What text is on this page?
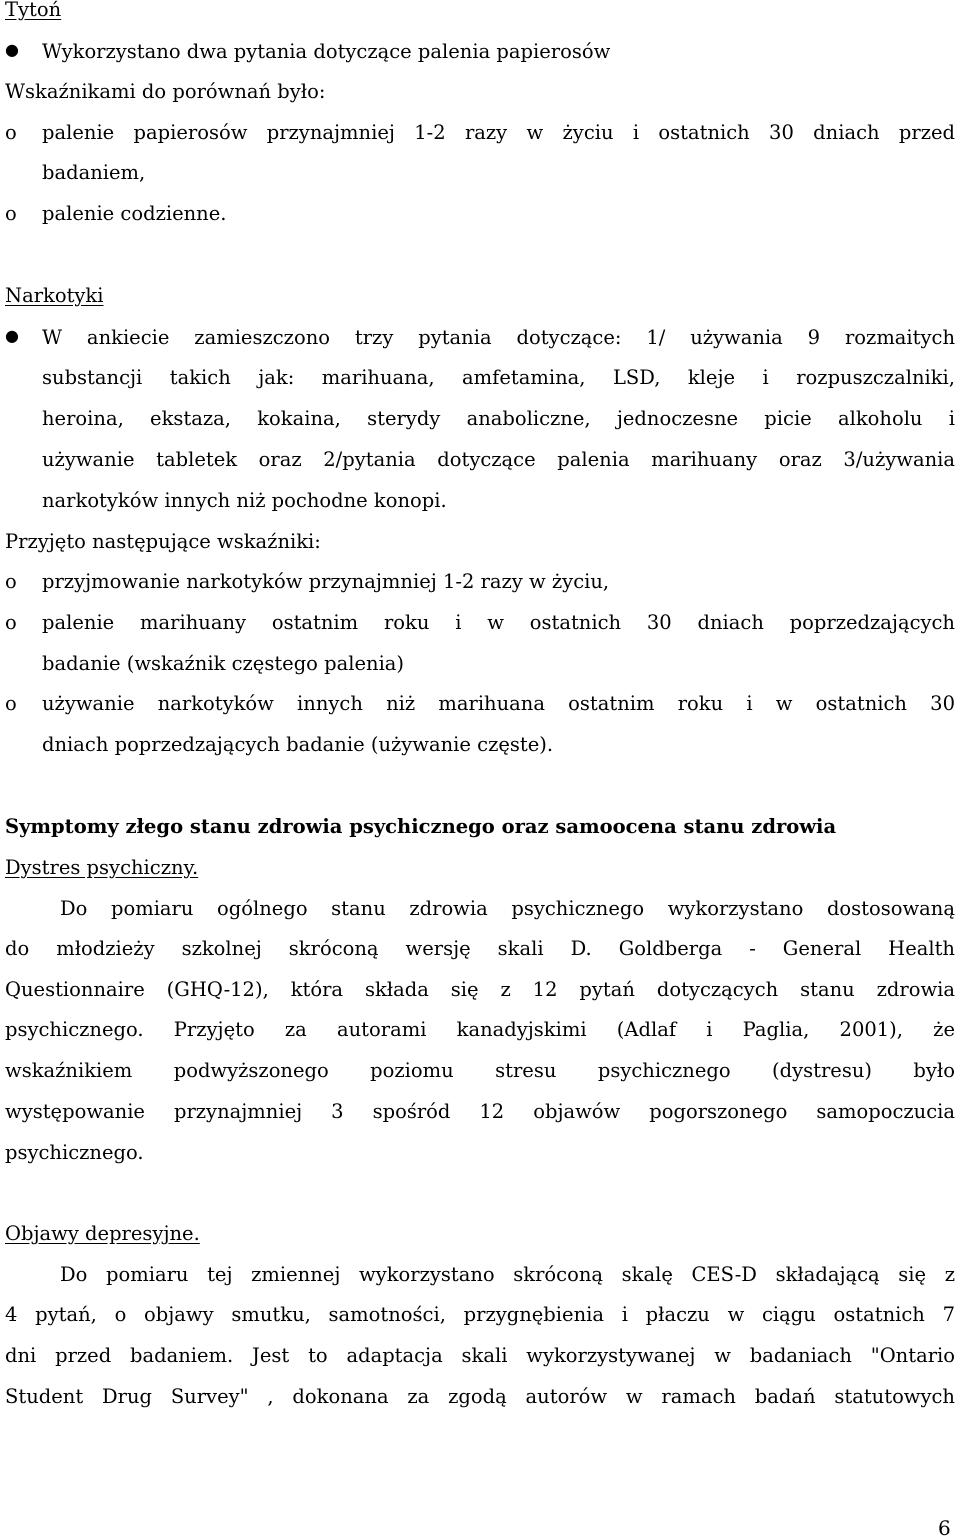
Tytoń
● Wykorzystano dwa pytania dotyczące palenia papierosów
Wskaźnikami do porównań było:
o palenie papierosów przynajmniej 1-2 razy w życiu i ostatnich 30 dniach przed
badaniem,
o palenie codzienne.
Narkotyki
● W ankiecie zamieszczono trzy pytania dotyczące: 1/ używania 9 rozmaitych
substancji takich jak: marihuana, amfetamina, LSD, kleje i rozpuszczalniki,
heroina, ekstaza, kokaina, sterydy anaboliczne, jednoczesne picie alkoholu i
używanie tabletek oraz 2/pytania dotyczące palenia marihuany oraz 3/używania
narkotyków innych niż pochodne konopi.
Przyjęto następujące wskaźniki:
o przyjmowanie narkotyków przynajmniej 1-2 razy w życiu,
o palenie marihuany ostatnim roku i w ostatnich 30 dniach poprzedzających
badanie (wskaźnik częstego palenia)
o używanie narkotyków innych niż marihuana ostatnim roku i w ostatnich 30
dniach poprzedzających badanie (używanie częste).
Symptomy złego stanu zdrowia psychicznego oraz samoocena stanu zdrowia
Dystres psychiczny.
Do pomiaru ogólnego stanu zdrowia psychicznego wykorzystano dostosowaną
do młodzieży szkolnej skróconą wersję skali D. Goldberga - General Health
Questionnaire (GHQ-12), która składa się z 12 pytań dotyczących stanu zdrowia
psychicznego. Przyjęto za autorami kanadyjskimi (Adlaf i Paglia, 2001), że
wskaźnikiem podwyższonego poziomu stresu psychicznego (dystresu) było
występowanie przynajmniej 3 spośród 12 objawów pogorszonego samopoczucia
psychicznego.
Objawy depresyjne.
Do pomiaru tej zmiennej wykorzystano skróconą skalę CES-D składającą się z
4 pytań, o objawy smutku, samotności, przygnębienia i płaczu w ciągu ostatnich 7
dni przed badaniem. Jest to adaptacja skali wykorzystywanej w badaniach "Ontario
Student Drug Survey" , dokonana za zgodą autorów w ramach badań statutowych
6
